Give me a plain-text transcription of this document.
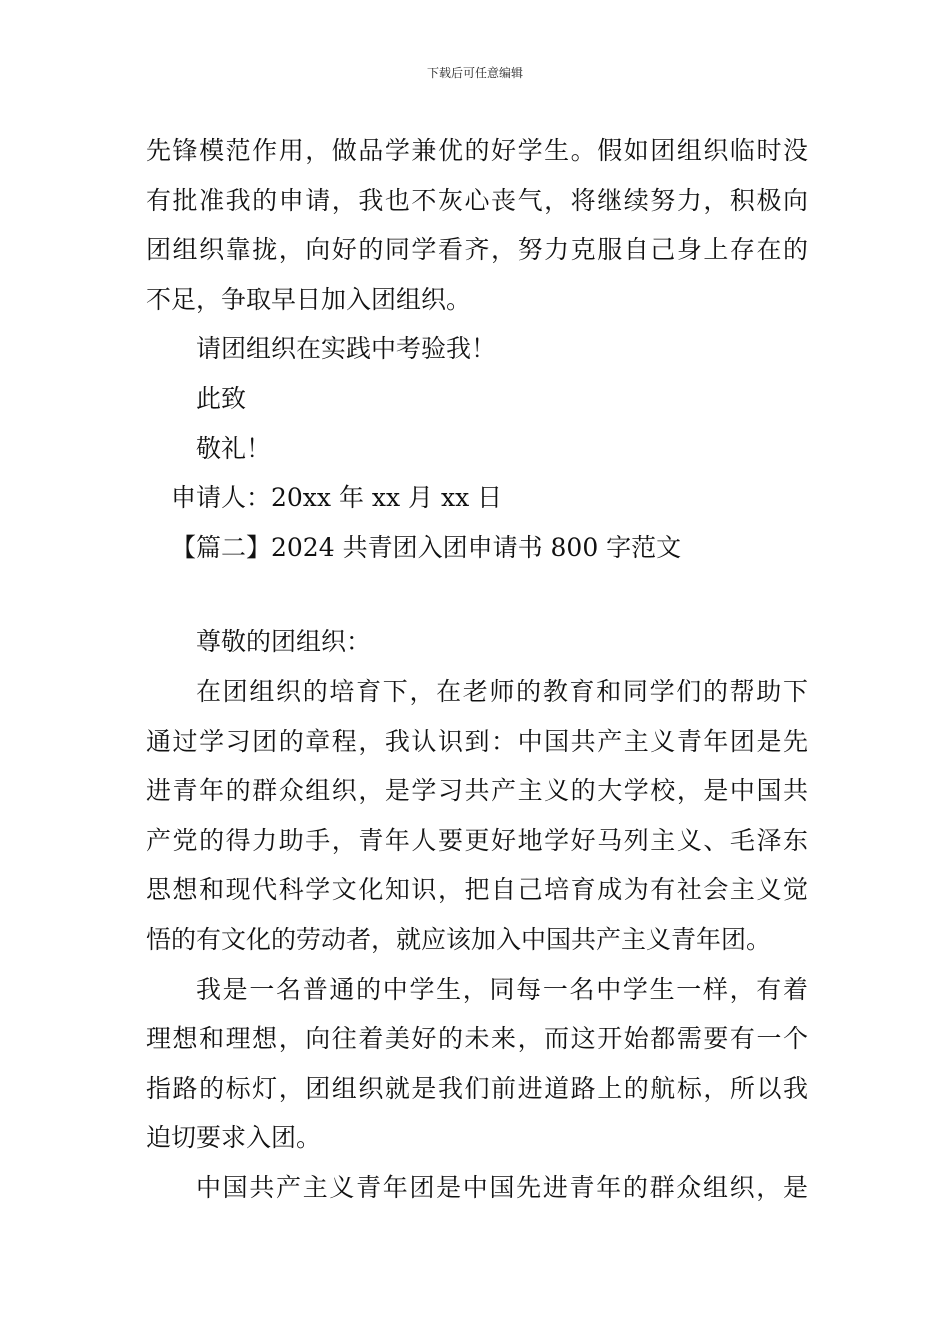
下载后可任意编辑
先锋模范作用，做品学兼优的好学生。假如团组织临时没
有批准我的申请，我也不灰心丧气，将继续努力，积极向
团组织靠拢，向好的同学看齐，努力克服自己身上存在的
不足，争取早日加入团组织。
请团组织在实践中考验我！
此致
敬礼！
申请人：20xx 年 xx 月 xx 日
【篇二】2024 共青团入团申请书 800 字范文
尊敬的团组织：
在团组织的培育下，在老师的教育和同学们的帮助下
通过学习团的章程，我认识到：中国共产主义青年团是先
进青年的群众组织，是学习共产主义的大学校，是中国共
产党的得力助手，青年人要更好地学好马列主义、毛泽东
思想和现代科学文化知识，把自己培育成为有社会主义觉
悟的有文化的劳动者，就应该加入中国共产主义青年团。
我是一名普通的中学生，同每一名中学生一样，有着
理想和理想，向往着美好的未来，而这开始都需要有一个
指路的标灯，团组织就是我们前进道路上的航标，所以我
迫切要求入团。
中国共产主义青年团是中国先进青年的群众组织，是
